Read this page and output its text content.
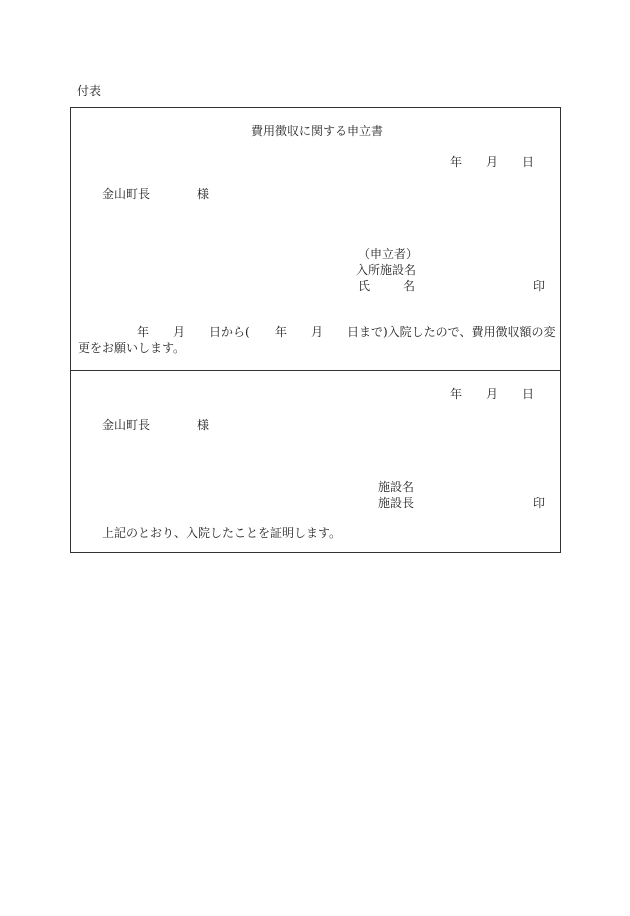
付表
費用徴収に関する申立書
年 月 日
金山町長	様
（申立者）
入所施設名
氏	名	印
年 月 日から( 年 月 日まで)入院したので、費用徴収額の変
更をお願いします。
年 月 日
金山町長	様
施設名
施設長	印
上記のとおり、入院したことを証明します。
